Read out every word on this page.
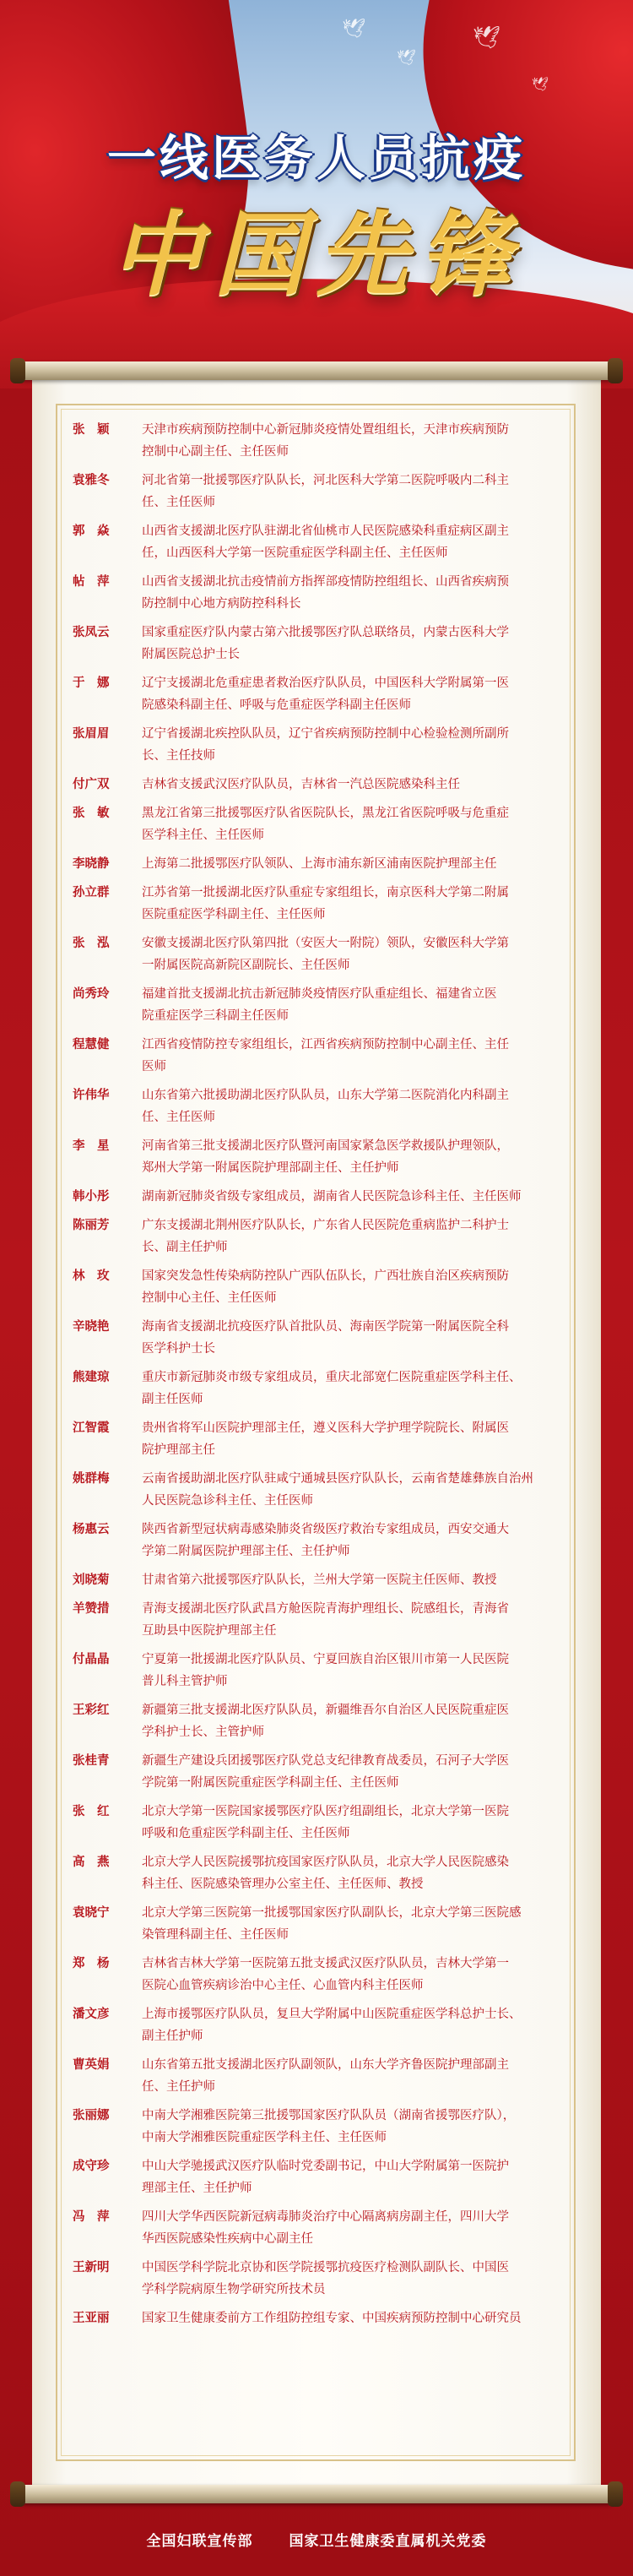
🕊
🕊
🕊
🕊
一线医务人员抗疫
中国先锋
张　颖	天津市疾病预防控制中心新冠肺炎疫情处置组组长，天津市疾病预防
控制中心副主任、主任医师
袁雅冬	河北省第一批援鄂医疗队队长，河北医科大学第二医院呼吸内二科主
任、主任医师
郭　焱	山西省支援湖北医疗队驻湖北省仙桃市人民医院感染科重症病区副主
任，山西医科大学第一医院重症医学科副主任、主任医师
帖　萍	山西省支援湖北抗击疫情前方指挥部疫情防控组组长、山西省疾病预
防控制中心地方病防控科科长
张凤云	国家重症医疗队内蒙古第六批援鄂医疗队总联络员，内蒙古医科大学
附属医院总护士长
于　娜	辽宁支援湖北危重症患者救治医疗队队员，中国医科大学附属第一医
院感染科副主任、呼吸与危重症医学科副主任医师
张眉眉	辽宁省援湖北疾控队队员，辽宁省疾病预防控制中心检验检测所副所
长、主任技师
付广双	吉林省支援武汉医疗队队员，吉林省一汽总医院感染科主任
张　敏	黑龙江省第三批援鄂医疗队省医院队长，黑龙江省医院呼吸与危重症
医学科主任、主任医师
李晓静	上海第二批援鄂医疗队领队、上海市浦东新区浦南医院护理部主任
孙立群	江苏省第一批援湖北医疗队重症专家组组长，南京医科大学第二附属
医院重症医学科副主任、主任医师
张　泓	安徽支援湖北医疗队第四批（安医大一附院）领队，安徽医科大学第
一附属医院高新院区副院长、主任医师
尚秀玲	福建首批支援湖北抗击新冠肺炎疫情医疗队重症组长、福建省立医
院重症医学三科副主任医师
程慧健	江西省疫情防控专家组组长，江西省疾病预防控制中心副主任、主任
医师
许伟华	山东省第六批援助湖北医疗队队员，山东大学第二医院消化内科副主
任、主任医师
李　星	河南省第三批支援湖北医疗队暨河南国家紧急医学救援队护理领队，
郑州大学第一附属医院护理部副主任、主任护师
韩小彤	湖南新冠肺炎省级专家组成员，湖南省人民医院急诊科主任、主任医师
陈丽芳	广东支援湖北荆州医疗队队长，广东省人民医院危重病监护二科护士
长、副主任护师
林　玫	国家突发急性传染病防控队广西队伍队长，广西壮族自治区疾病预防
控制中心主任、主任医师
辛晓艳	海南省支援湖北抗疫医疗队首批队员、海南医学院第一附属医院全科
医学科护士长
熊建琼	重庆市新冠肺炎市级专家组成员，重庆北部宽仁医院重症医学科主任、
副主任医师
江智霞	贵州省将军山医院护理部主任，遵义医科大学护理学院院长、附属医
院护理部主任
姚群梅	云南省援助湖北医疗队驻咸宁通城县医疗队队长，云南省楚雄彝族自治州
人民医院急诊科主任、主任医师
杨惠云	陕西省新型冠状病毒感染肺炎省级医疗救治专家组成员，西安交通大
学第二附属医院护理部主任、主任护师
刘晓菊	甘肃省第六批援鄂医疗队队长，兰州大学第一医院主任医师、教授
羊赞措	青海支援湖北医疗队武昌方舱医院青海护理组长、院感组长，青海省
互助县中医院护理部主任
付晶晶	宁夏第一批援湖北医疗队队员、宁夏回族自治区银川市第一人民医院
普儿科主管护师
王彩红	新疆第三批支援湖北医疗队队员，新疆维吾尔自治区人民医院重症医
学科护士长、主管护师
张桂青	新疆生产建设兵团援鄂医疗队党总支纪律教育战委员，石河子大学医
学院第一附属医院重症医学科副主任、主任医师
张　红	北京大学第一医院国家援鄂医疗队医疗组副组长，北京大学第一医院
呼吸和危重症医学科副主任、主任医师
高　燕	北京大学人民医院援鄂抗疫国家医疗队队员，北京大学人民医院感染
科主任、医院感染管理办公室主任、主任医师、教授
袁晓宁	北京大学第三医院第一批援鄂国家医疗队副队长，北京大学第三医院感
染管理科副主任、主任医师
郑　杨	吉林省吉林大学第一医院第五批支援武汉医疗队队员，吉林大学第一
医院心血管疾病诊治中心主任、心血管内科主任医师
潘文彦	上海市援鄂医疗队队员，复旦大学附属中山医院重症医学科总护士长、
副主任护师
曹英娟	山东省第五批支援湖北医疗队副领队，山东大学齐鲁医院护理部副主
任、主任护师
张丽娜	中南大学湘雅医院第三批援鄂国家医疗队队员（湖南省援鄂医疗队），
中南大学湘雅医院重症医学科主任、主任医师
成守珍	中山大学驰援武汉医疗队临时党委副书记，中山大学附属第一医院护
理部主任、主任护师
冯　萍	四川大学华西医院新冠病毒肺炎治疗中心隔离病房副主任，四川大学
华西医院感染性疾病中心副主任
王新明	中国医学科学院北京协和医学院援鄂抗疫医疗检测队副队长、中国医
学科学院病原生物学研究所技术员
王亚丽	国家卫生健康委前方工作组防控组专家、中国疾病预防控制中心研究员
全国妇联宣传部	国家卫生健康委直属机关党委
